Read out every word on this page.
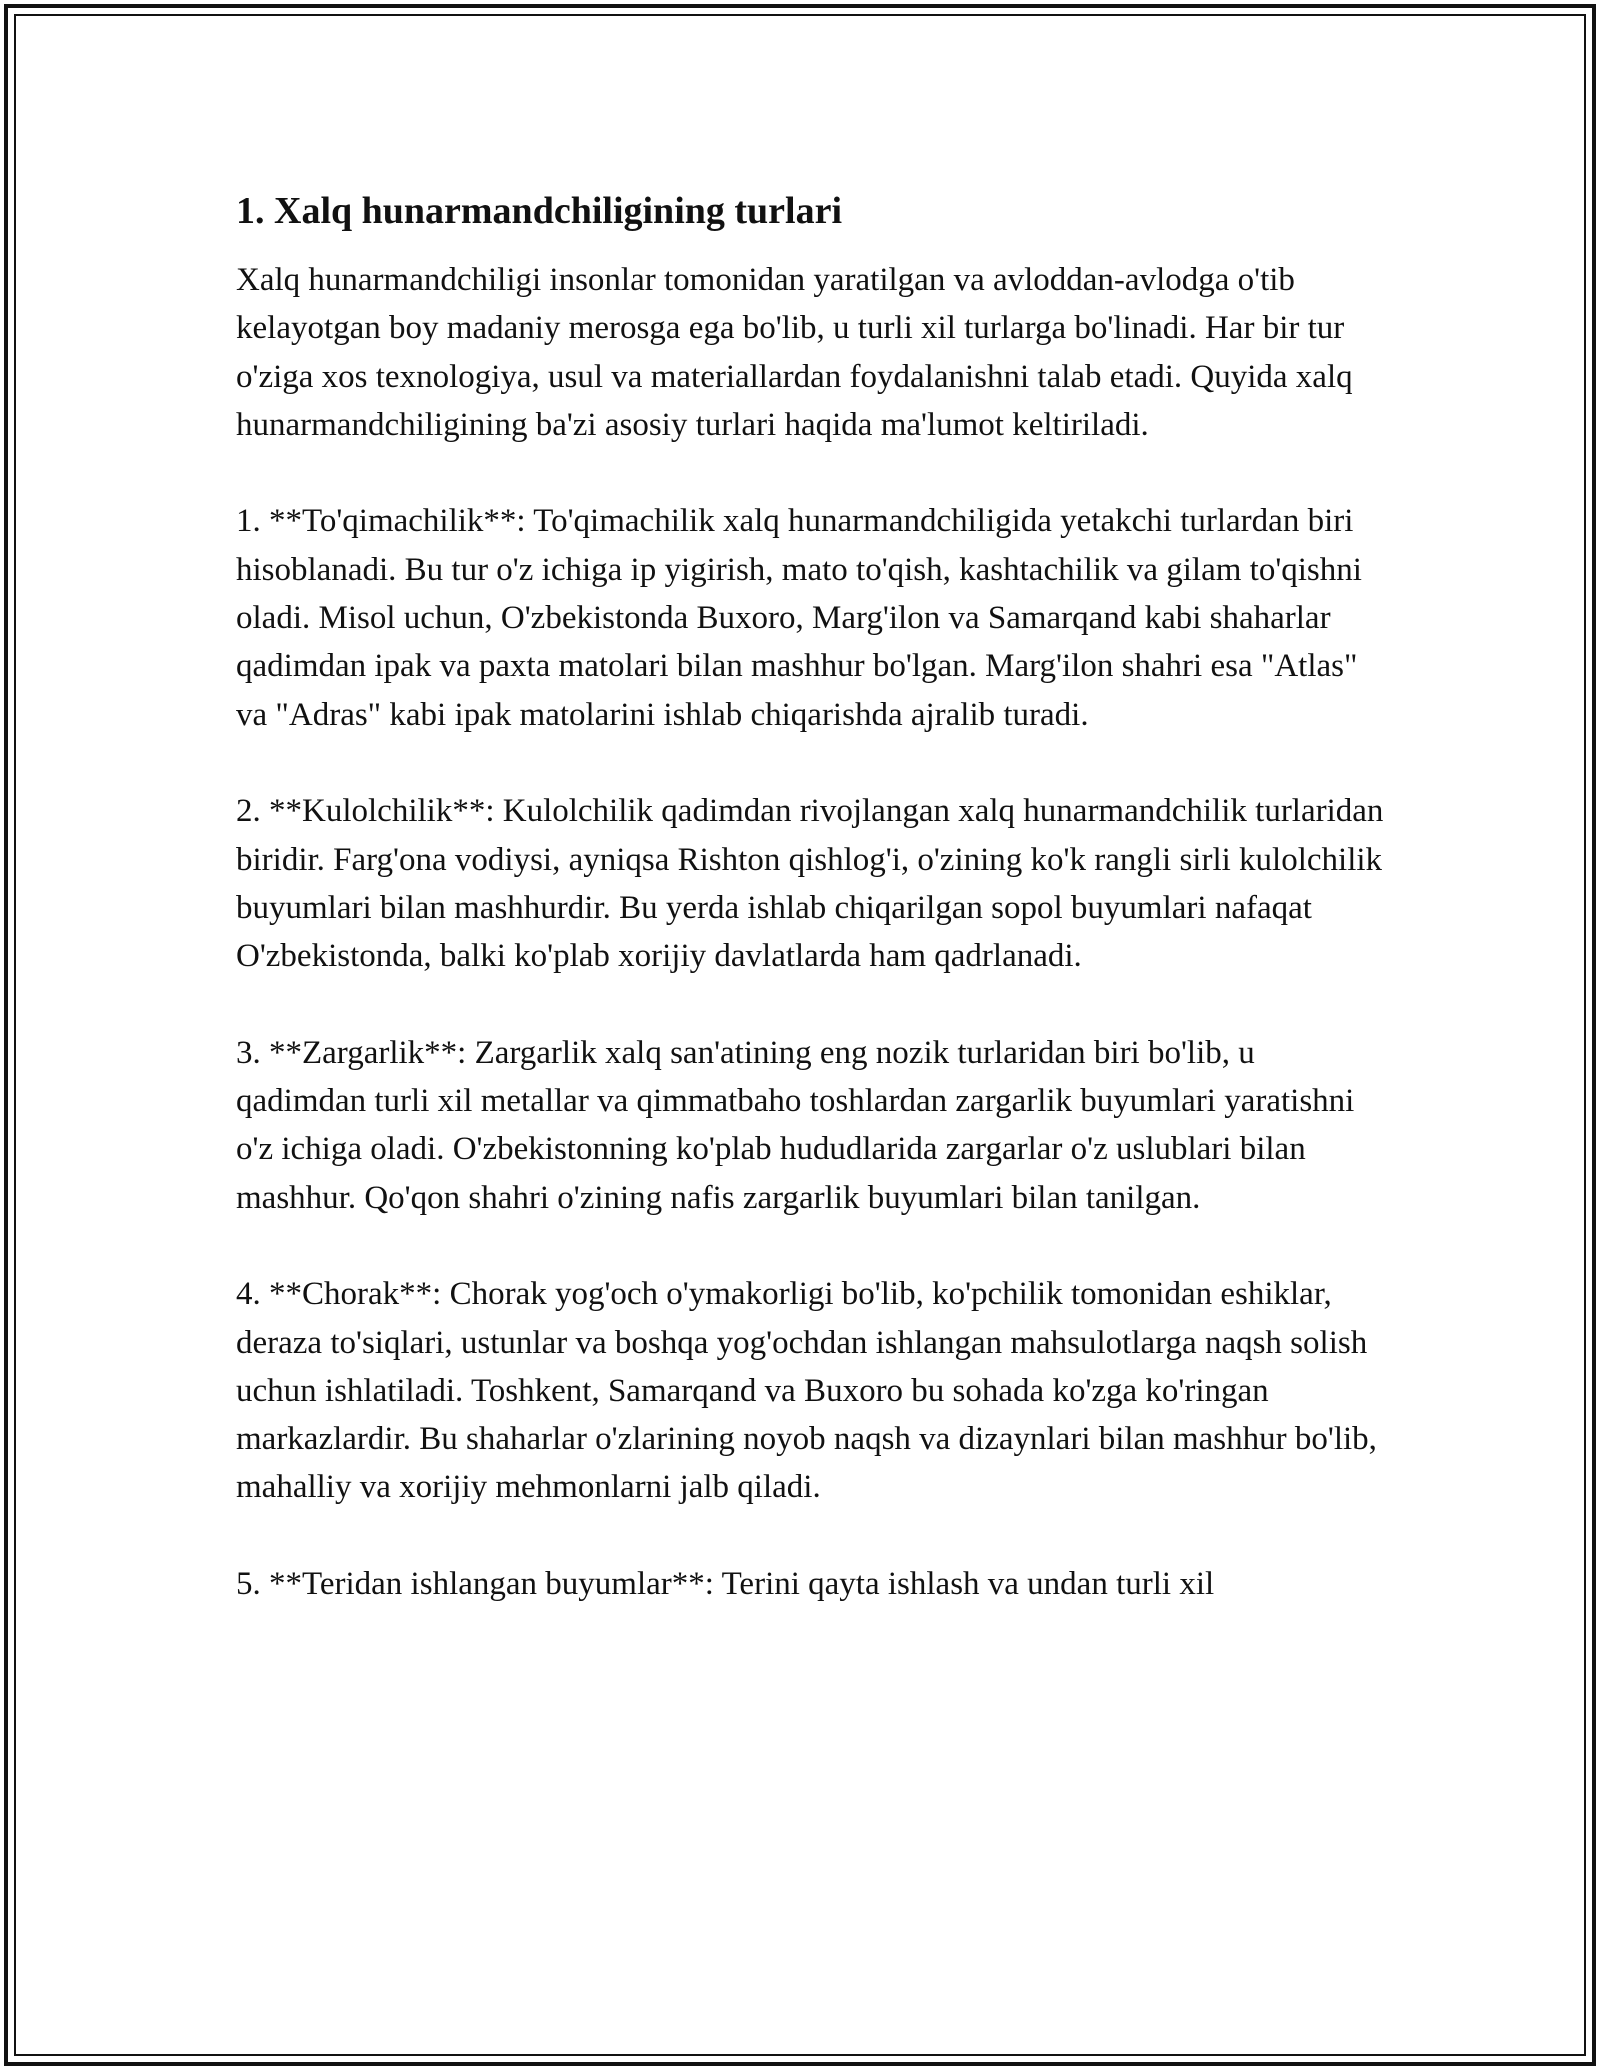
1. Xalq hunarmandchiligining turlari

Xalq hunarmandchiligi insonlar tomonidan yaratilgan va avloddan-avlodga o'tib kelayotgan boy madaniy merosga ega bo'lib, u turli xil turlarga bo'linadi. Har bir tur o'ziga xos texnologiya, usul va materiallardan foydalanishni talab etadi. Quyida xalq hunarmandchiligining ba'zi asosiy turlari haqida ma'lumot keltiriladi.

1. **To'qimachilik**: To'qimachilik xalq hunarmandchiligida yetakchi turlardan biri hisoblanadi. Bu tur o'z ichiga ip yigirish, mato to'qish, kashtachilik va gilam to'qishni oladi. Misol uchun, O'zbekistonda Buxoro, Marg'ilon va Samarqand kabi shaharlar qadimdan ipak va paxta matolari bilan mashhur bo'lgan. Marg'ilon shahri esa "Atlas" va "Adras" kabi ipak matolarini ishlab chiqarishda ajralib turadi.

2. **Kulolchilik**: Kulolchilik qadimdan rivojlangan xalq hunarmandchilik turlaridan biridir. Farg'ona vodiysi, ayniqsa Rishton qishlog'i, o'zining ko'k rangli sirli kulolchilik buyumlari bilan mashhurdir. Bu yerda ishlab chiqarilgan sopol buyumlari nafaqat O'zbekistonda, balki ko'plab xorijiy davlatlarda ham qadrlanadi.

3. **Zargarlik**: Zargarlik xalq san'atining eng nozik turlaridan biri bo'lib, u qadimdan turli xil metallar va qimmatbaho toshlardan zargarlik buyumlari yaratishni o'z ichiga oladi. O'zbekistonning ko'plab hududlarida zargarlar o'z uslublari bilan mashhur. Qo'qon shahri o'zining nafis zargarlik buyumlari bilan tanilgan.

4. **Chorak**: Chorak yog'och o'ymakorligi bo'lib, ko'pchilik tomonidan eshiklar, deraza to'siqlari, ustunlar va boshqa yog'ochdan ishlangan mahsulotlarga naqsh solish uchun ishlatiladi. Toshkent, Samarqand va Buxoro bu sohada ko'zga ko'ringan markazlardir. Bu shaharlar o'zlarining noyob naqsh va dizaynlari bilan mashhur bo'lib, mahalliy va xorijiy mehmonlarni jalb qiladi.

5. **Teridan ishlangan buyumlar**: Terini qayta ishlash va undan turli xil
